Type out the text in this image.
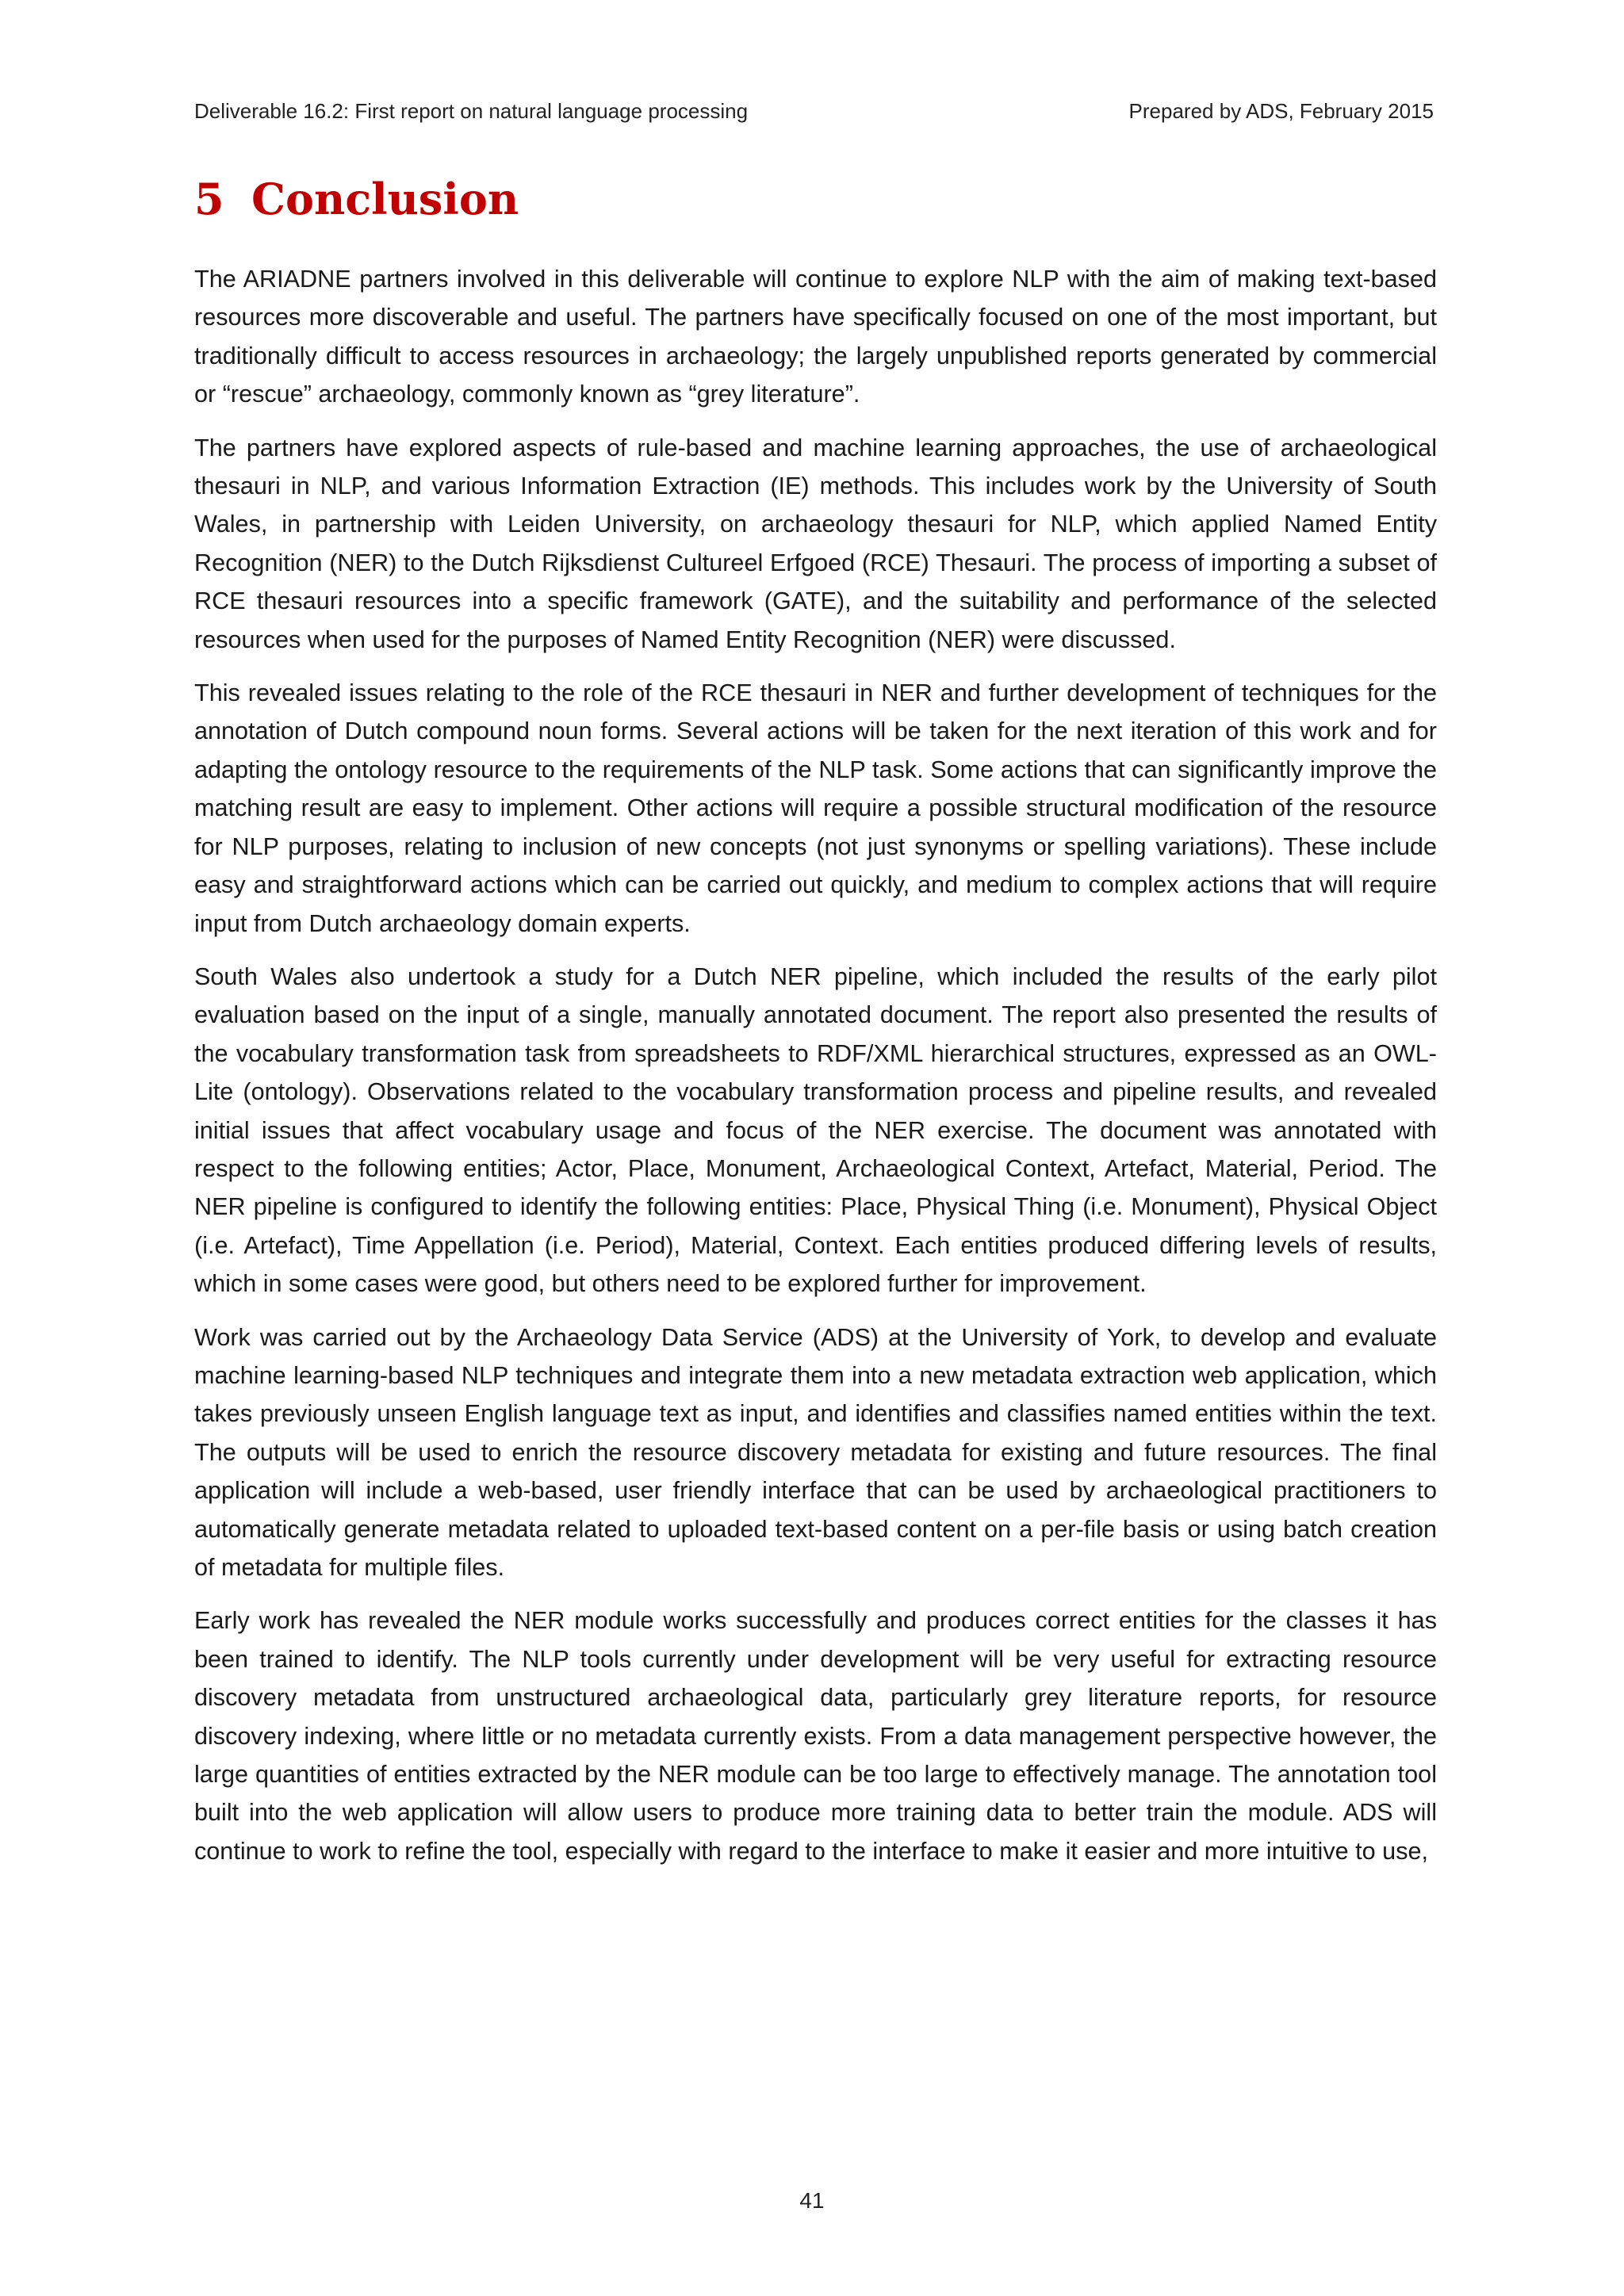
Deliverable 16.2: First report on natural language processing	Prepared by ADS, February 2015
5 Conclusion

The ARIADNE partners involved in this deliverable will continue to explore NLP with the aim of making text-based resources more discoverable and useful. The partners have specifically focused on one of the most important, but traditionally difficult to access resources in archaeology; the largely unpublished reports generated by commercial or “rescue” archaeology, commonly known as “grey literature”.

The partners have explored aspects of rule-based and machine learning approaches, the use of archaeological thesauri in NLP, and various Information Extraction (IE) methods. This includes work by the University of South Wales, in partnership with Leiden University, on archaeology thesauri for NLP, which applied Named Entity Recognition (NER) to the Dutch Rijksdienst Cultureel Erfgoed (RCE) Thesauri. The process of importing a subset of RCE thesauri resources into a specific framework (GATE), and the suitability and performance of the selected resources when used for the purposes of Named Entity Recognition (NER) were discussed.

This revealed issues relating to the role of the RCE thesauri in NER and further development of techniques for the annotation of Dutch compound noun forms. Several actions will be taken for the next iteration of this work and for adapting the ontology resource to the requirements of the NLP task. Some actions that can significantly improve the matching result are easy to implement. Other actions will require a possible structural modification of the resource for NLP purposes, relating to inclusion of new concepts (not just synonyms or spelling variations). These include easy and straightforward actions which can be carried out quickly, and medium to complex actions that will require input from Dutch archaeology domain experts.

South Wales also undertook a study for a Dutch NER pipeline, which included the results of the early pilot evaluation based on the input of a single, manually annotated document. The report also presented the results of the vocabulary transformation task from spreadsheets to RDF/XML hierarchical structures, expressed as an OWL-Lite (ontology). Observations related to the vocabulary transformation process and pipeline results, and revealed initial issues that affect vocabulary usage and focus of the NER exercise. The document was annotated with respect to the following entities; Actor, Place, Monument, Archaeological Context, Artefact, Material, Period. The NER pipeline is configured to identify the following entities: Place, Physical Thing (i.e. Monument), Physical Object (i.e. Artefact), Time Appellation (i.e. Period), Material, Context. Each entities produced differing levels of results, which in some cases were good, but others need to be explored further for improvement.

Work was carried out by the Archaeology Data Service (ADS) at the University of York, to develop and evaluate machine learning-based NLP techniques and integrate them into a new metadata extraction web application, which takes previously unseen English language text as input, and identifies and classifies named entities within the text. The outputs will be used to enrich the resource discovery metadata for existing and future resources. The final application will include a web-based, user friendly interface that can be used by archaeological practitioners to automatically generate metadata related to uploaded text-based content on a per-file basis or using batch creation of metadata for multiple files.

Early work has revealed the NER module works successfully and produces correct entities for the classes it has been trained to identify. The NLP tools currently under development will be very useful for extracting resource discovery metadata from unstructured archaeological data, particularly grey literature reports, for resource discovery indexing, where little or no metadata currently exists. From a data management perspective however, the large quantities of entities extracted by the NER module can be too large to effectively manage. The annotation tool built into the web application will allow users to produce more training data to better train the module. ADS will continue to work to refine the tool, especially with regard to the interface to make it easier and more intuitive to use,

41
